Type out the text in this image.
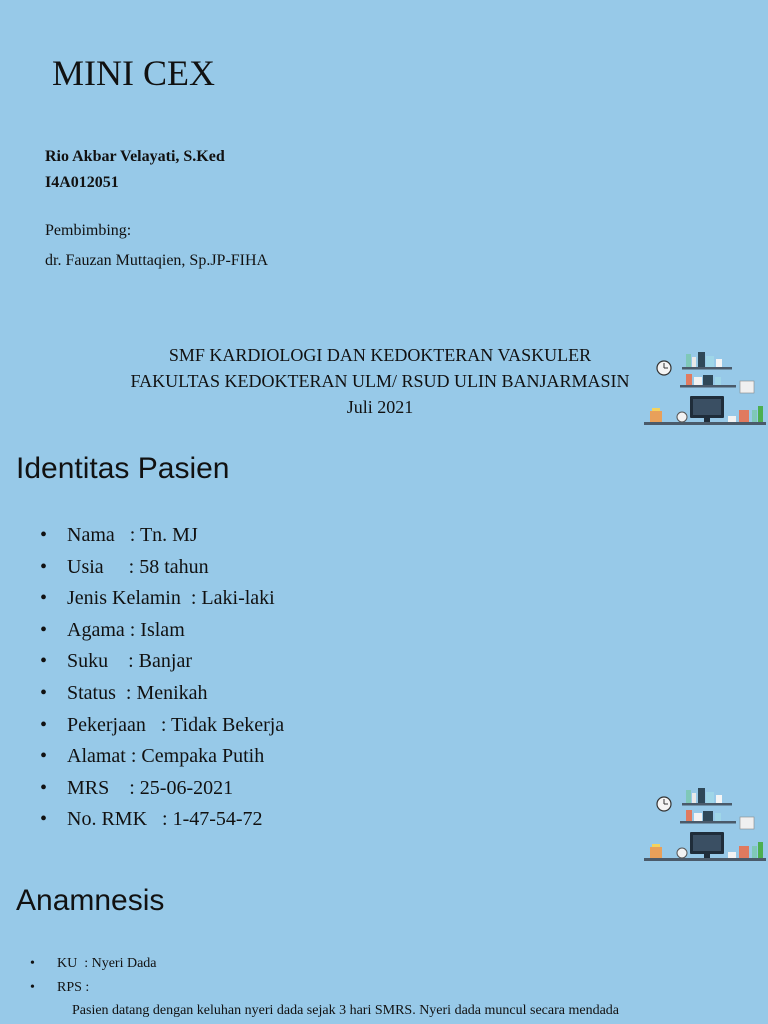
MINI CEX
Rio Akbar Velayati, S.Ked
I4A012051
Pembimbing:
dr. Fauzan Muttaqien, Sp.JP-FIHA
SMF KARDIOLOGI DAN KEDOKTERAN VASKULER
FAKULTAS KEDOKTERAN ULM/ RSUD ULIN BANJARMASIN
Juli 2021
Identitas Pasien
• Nama   : Tn. MJ
• Usia     : 58 tahun
• Jenis Kelamin  : Laki-laki
• Agama : Islam
• Suku    : Banjar
• Status  : Menikah
• Pekerjaan   : Tidak Bekerja
• Alamat : Cempaka Putih
• MRS    : 25-06-2021
• No. RMK   : 1-47-54-72
Anamnesis
• KU  : Nyeri Dada
• RPS :
Pasien datang dengan keluhan nyeri dada sejak 3 hari SMRS. Nyeri dada muncul secara mendada
